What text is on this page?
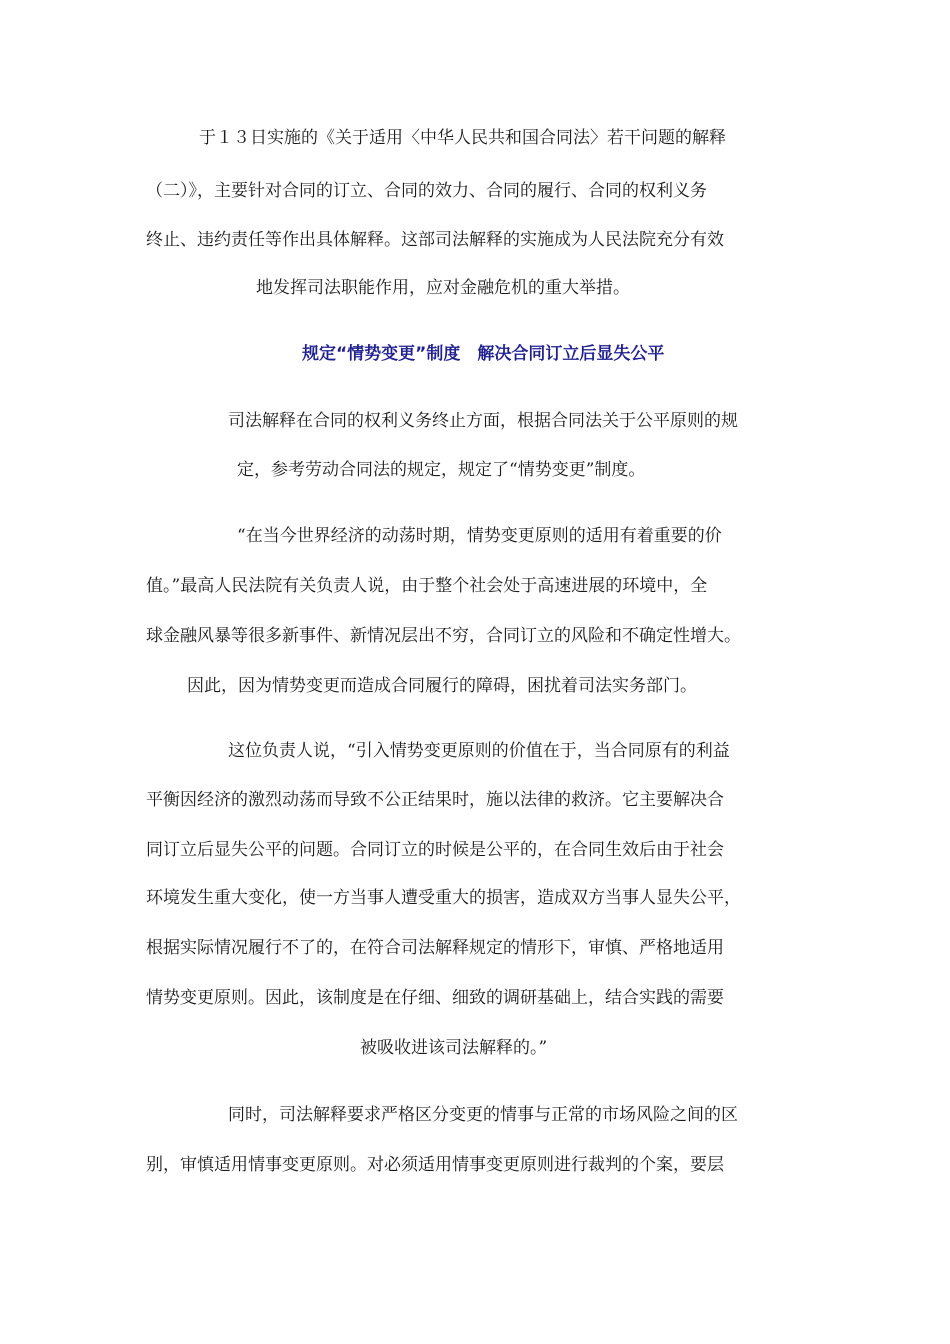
于１３日实施的《关于适用〈中华人民共和国合同法〉若干问题的解释
（二）》，主要针对合同的订立、合同的效力、合同的履行、合同的权利义务
终止、违约责任等作出具体解释。这部司法解释的实施成为人民法院充分有效
地发挥司法职能作用，应对金融危机的重大举措。
规定“情势变更”制度　解决合同订立后显失公平
司法解释在合同的权利义务终止方面，根据合同法关于公平原则的规
定，参考劳动合同法的规定，规定了“情势变更”制度。
“在当今世界经济的动荡时期，情势变更原则的适用有着重要的价
值。”最高人民法院有关负责人说，由于整个社会处于高速进展的环境中，全
球金融风暴等很多新事件、新情况层出不穷，合同订立的风险和不确定性增大。
因此，因为情势变更而造成合同履行的障碍，困扰着司法实务部门。
这位负责人说，“引入情势变更原则的价值在于，当合同原有的利益
平衡因经济的激烈动荡而导致不公正结果时，施以法律的救济。它主要解决合
同订立后显失公平的问题。合同订立的时候是公平的，在合同生效后由于社会
环境发生重大变化，使一方当事人遭受重大的损害，造成双方当事人显失公平，
根据实际情况履行不了的，在符合司法解释规定的情形下，审慎、严格地适用
情势变更原则。因此，该制度是在仔细、细致的调研基础上，结合实践的需要
被吸收进该司法解释的。”
同时，司法解释要求严格区分变更的情事与正常的市场风险之间的区
别，审慎适用情事变更原则。对必须适用情事变更原则进行裁判的个案，要层
